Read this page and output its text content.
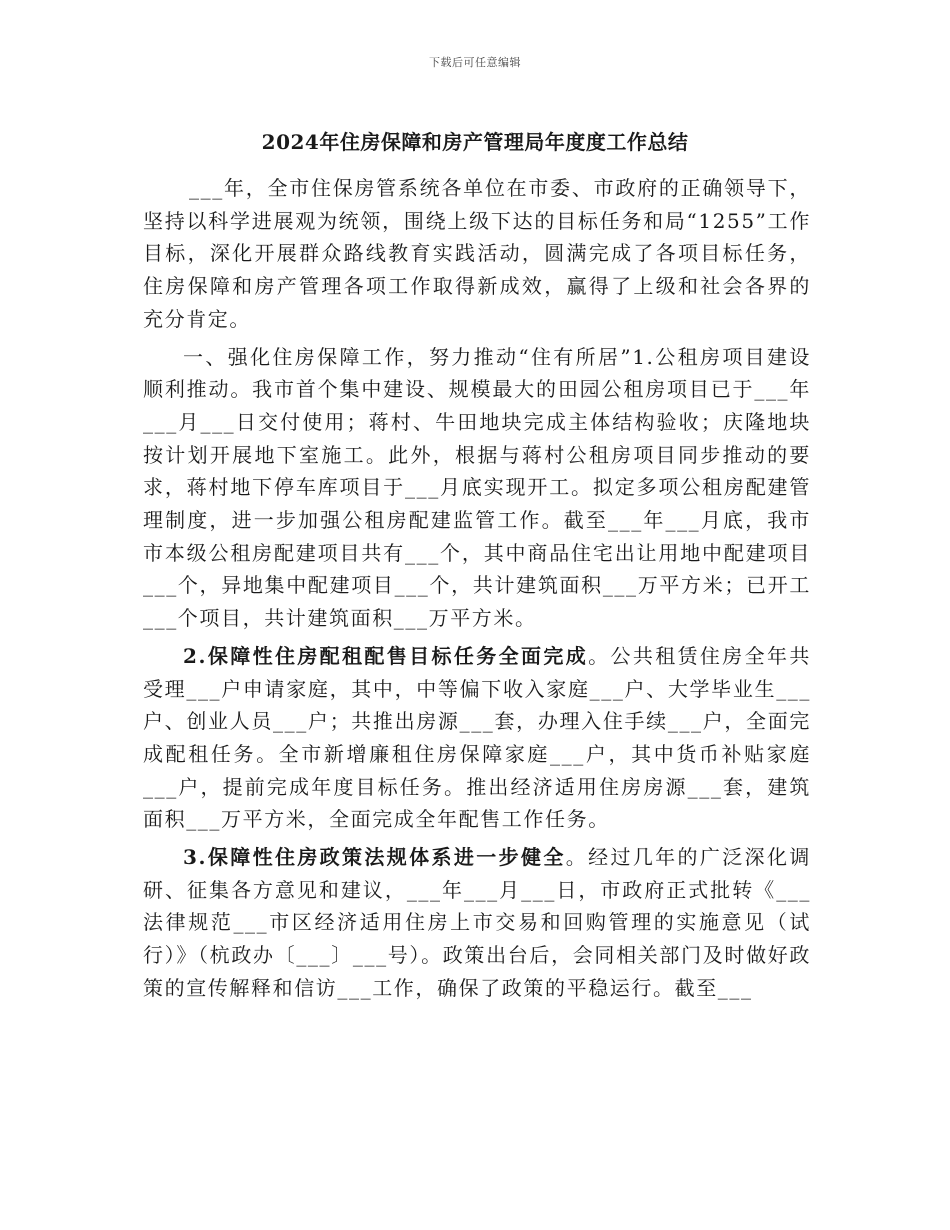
下载后可任意编辑
2024年住房保障和房产管理局年度度工作总结

___年，全市住保房管系统各单位在市委、市政府的正确领导下，坚持以科学进展观为统领，围绕上级下达的目标任务和局“1255”工作目标，深化开展群众路线教育实践活动，圆满完成了各项目标任务，住房保障和房产管理各项工作取得新成效，赢得了上级和社会各界的充分肯定。

一、强化住房保障工作，努力推动“住有所居”1.公租房项目建设顺利推动。我市首个集中建设、规模最大的田园公租房项目已于___年___月___日交付使用；蒋村、牛田地块完成主体结构验收；庆隆地块按计划开展地下室施工。此外，根据与蒋村公租房项目同步推动的要求，蒋村地下停车库项目于___月底实现开工。拟定多项公租房配建管理制度，进一步加强公租房配建监管工作。截至___年___月底，我市市本级公租房配建项目共有___个，其中商品住宅出让用地中配建项目___个，异地集中配建项目___个，共计建筑面积___万平方米；已开工___个项目，共计建筑面积___万平方米。

2.保障性住房配租配售目标任务全面完成。公共租赁住房全年共受理___户申请家庭，其中，中等偏下收入家庭___户、大学毕业生___户、创业人员___户；共推出房源___套，办理入住手续___户，全面完成配租任务。全市新增廉租住房保障家庭___户，其中货币补贴家庭___户，提前完成年度目标任务。推出经济适用住房房源___套，建筑面积___万平方米，全面完成全年配售工作任务。

3.保障性住房政策法规体系进一步健全。经过几年的广泛深化调研、征集各方意见和建议，___年___月___日，市政府正式批转《___法律规范___市区经济适用住房上市交易和回购管理的实施意见（试行）》（杭政办〔___〕___号）。政策出台后，会同相关部门及时做好政策的宣传解释和信访___工作，确保了政策的平稳运行。截至___
